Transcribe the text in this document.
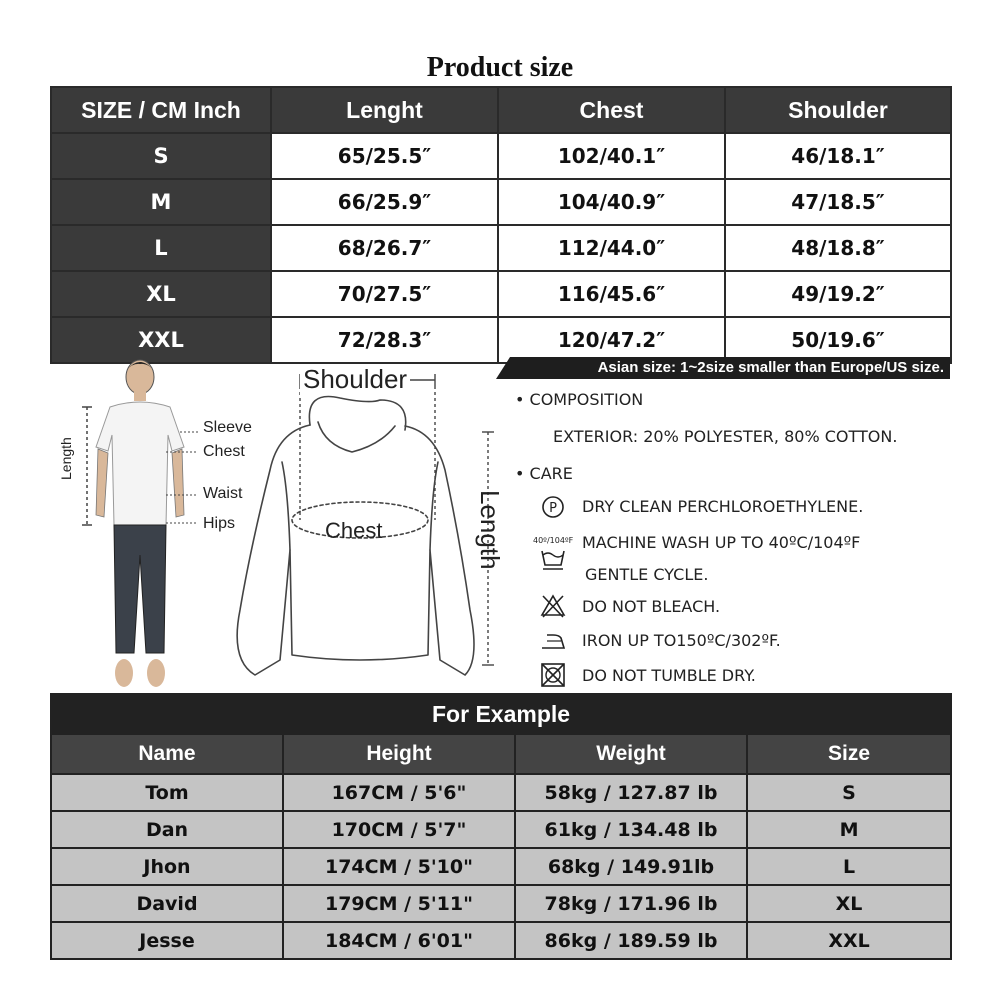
Product size
SIZE / CM Inch	Lenght	Chest	Shoulder
S	65/25.5″	102/40.1″	46/18.1″
M	66/25.9″	104/40.9″	47/18.5″
L	68/26.7″	112/44.0″	48/18.8″
XL	70/27.5″	116/45.6″	49/19.2″
XXL	72/28.3″	120/47.2″	50/19.6″
Asian size: 1~2size smaller than Europe/US size.
Sleeve
Chest
Waist
Hips
Length
Shoulder
Chest	Length
• COMPOSITION
EXTERIOR: 20% POLYESTER, 80% COTTON.
• CARE
P DRY CLEAN PERCHLOROETHYLENE.
40º/104ºF MACHINE WASH UP TO 40ºC/104ºF
GENTLE CYCLE.
DO NOT BLEACH.
IRON UP TO150ºC/302ºF.
DO NOT TUMBLE DRY.
For Example			
Name	Height	Weight	Size
Tom	167CM / 5'6"	58kg / 127.87 lb	S
Dan	170CM / 5'7"	61kg / 134.48 lb	M
Jhon	174CM / 5'10"	68kg / 149.91lb	L
David	179CM / 5'11"	78kg / 171.96 lb	XL
Jesse	184CM / 6'01"	86kg / 189.59 lb	XXL
